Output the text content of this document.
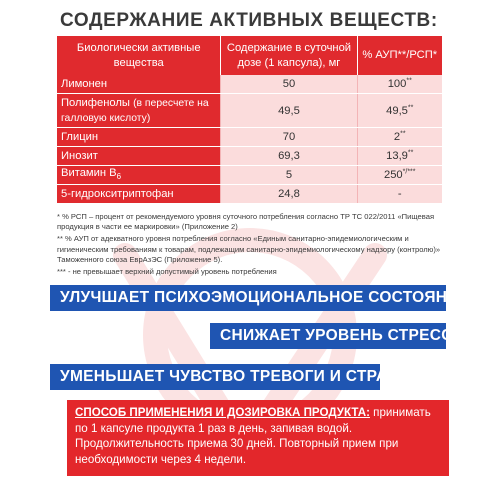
СОДЕРЖАНИЕ АКТИВНЫХ ВЕЩЕСТВ:
Биологически активные вещества	Содержание в суточной дозе (1 капсула), мг	% АУП**/РСП*
Лимонен	50	100**
Полифенолы (в пересчете на галловую кислоту)	49,5	49,5**
Глицин	70	2**
Инозит	69,3	13,9**
Витамин $B_6$	5	250*/***
5-гидрокситриптофан	24,8	-

* % РСП – процент от рекомендуемого уровня суточного потребления согласно ТР ТС 022/2011 «Пищевая продукция в части ее маркировки» (Приложение 2)

** % АУП от адекватного уровня потребления согласно «Единым санитарно-эпидемиологическим и гигиеническим требованиям к товарам, подлежащим санитарно-эпидемиологическому надзору (контролю)» Таможенного союза ЕврАзЭС (Приложение 5).

*** - не превышает верхний допустимый уровень потребления

УЛУЧШАЕТ ПСИХОЭМОЦИОНАЛЬНОЕ СОСТОЯНИЕ
СНИЖАЕТ УРОВЕНЬ СТРЕССА
УМЕНЬШАЕТ ЧУВСТВО ТРЕВОГИ И СТРАХА
СПОСОБ ПРИМЕНЕНИЯ И ДОЗИРОВКА ПРОДУКТА: принимать по 1 капсуле продукта 1 раз в день, запивая водой. Продолжительность приема 30 дней. Повторный прием при необходимости через 4 недели.
